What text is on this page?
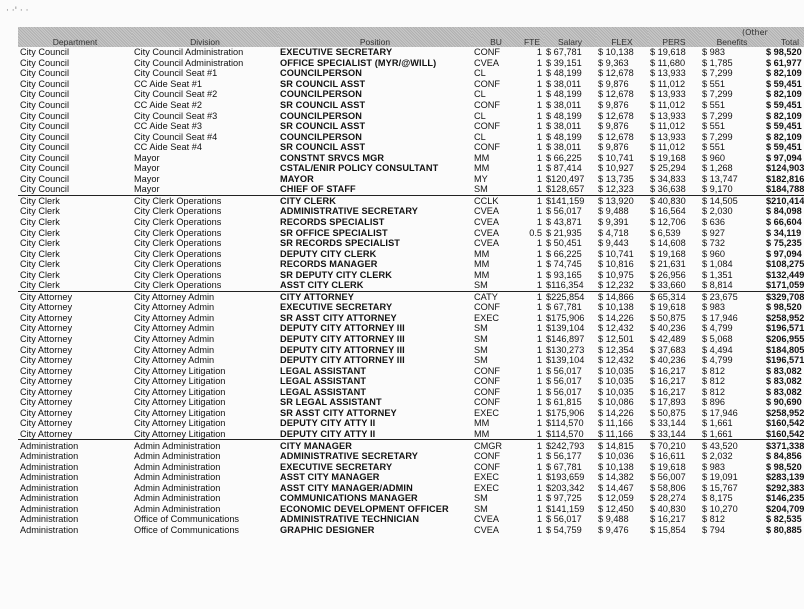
· ·' · ·
(Other
Department	Division	Position	BU	FTE	Salary	FLEX	PERS	Benefits	Total
City Council	City Council Administration	EXECUTIVE SECRETARY	CONF	1	$ 67,781	$ 10,138	$ 19,618	$ 983	$ 98,520
City Council	City Council Administration	OFFICE SPECIALIST (MYR/@WILL)	CVEA	1	$ 39,151	$ 9,363	$ 11,680	$ 1,785	$ 61,977
City Council	City Council Seat #1	COUNCILPERSON	CL	1	$ 48,199	$ 12,678	$ 13,933	$ 7,299	$ 82,109
City Council	CC Aide Seat #1	SR COUNCIL ASST	CONF	1	$ 38,011	$ 9,876	$ 11,012	$ 551	$ 59,451
City Council	City Council Seat #2	COUNCILPERSON	CL	1	$ 48,199	$ 12,678	$ 13,933	$ 7,299	$ 82,109
City Council	CC Aide Seat #2	SR COUNCIL ASST	CONF	1	$ 38,011	$ 9,876	$ 11,012	$ 551	$ 59,451
City Council	City Council Seat #3	COUNCILPERSON	CL	1	$ 48,199	$ 12,678	$ 13,933	$ 7,299	$ 82,109
City Council	CC Aide Seat #3	SR COUNCIL ASST	CONF	1	$ 38,011	$ 9,876	$ 11,012	$ 551	$ 59,451
City Council	City Council Seat #4	COUNCILPERSON	CL	1	$ 48,199	$ 12,678	$ 13,933	$ 7,299	$ 82,109
City Council	CC Aide Seat #4	SR COUNCIL ASST	CONF	1	$ 38,011	$ 9,876	$ 11,012	$ 551	$ 59,451
City Council	Mayor	CONSTNT SRVCS MGR	MM	1	$ 66,225	$ 10,741	$ 19,168	$ 960	$ 97,094
City Council	Mayor	CSTAL/ENIR POLICY CONSULTANT	MM	1	$ 87,414	$ 10,927	$ 25,294	$ 1,268	$124,903
City Council	Mayor	MAYOR	MY	1	$120,497	$ 13,735	$ 34,833	$ 13,747	$182,816
City Council	Mayor	CHIEF OF STAFF	SM	1	$128,657	$ 12,323	$ 36,638	$ 9,170	$184,788
City Clerk	City Clerk Operations	CITY CLERK	CCLK	1	$141,159	$ 13,920	$ 40,830	$ 14,505	$210,414
City Clerk	City Clerk Operations	ADMINISTRATIVE SECRETARY	CVEA	1	$ 56,017	$ 9,488	$ 16,564	$ 2,030	$ 84,098
City Clerk	City Clerk Operations	RECORDS SPECIALIST	CVEA	1	$ 43,871	$ 9,391	$ 12,706	$ 636	$ 66,604
City Clerk	City Clerk Operations	SR OFFICE SPECIALIST	CVEA	0.5	$ 21,935	$ 4,718	$ 6,539	$ 927	$ 34,119
City Clerk	City Clerk Operations	SR RECORDS SPECIALIST	CVEA	1	$ 50,451	$ 9,443	$ 14,608	$ 732	$ 75,235
City Clerk	City Clerk Operations	DEPUTY CITY CLERK	MM	1	$ 66,225	$ 10,741	$ 19,168	$ 960	$ 97,094
City Clerk	City Clerk Operations	RECORDS MANAGER	MM	1	$ 74,745	$ 10,816	$ 21,631	$ 1,084	$108,275
City Clerk	City Clerk Operations	SR DEPUTY CITY CLERK	MM	1	$ 93,165	$ 10,975	$ 26,956	$ 1,351	$132,449
City Clerk	City Clerk Operations	ASST CITY CLERK	SM	1	$116,354	$ 12,232	$ 33,660	$ 8,814	$171,059
City Attorney	City Attorney Admin	CITY ATTORNEY	CATY	1	$225,854	$ 14,866	$ 65,314	$ 23,675	$329,708
City Attorney	City Attorney Admin	EXECUTIVE SECRETARY	CONF	1	$ 67,781	$ 10,138	$ 19,618	$ 983	$ 98,520
City Attorney	City Attorney Admin	SR ASST CITY ATTORNEY	EXEC	1	$175,906	$ 14,226	$ 50,875	$ 17,946	$258,952
City Attorney	City Attorney Admin	DEPUTY CITY ATTORNEY III	SM	1	$139,104	$ 12,432	$ 40,236	$ 4,799	$196,571
City Attorney	City Attorney Admin	DEPUTY CITY ATTORNEY III	SM	1	$146,897	$ 12,501	$ 42,489	$ 5,068	$206,955
City Attorney	City Attorney Admin	DEPUTY CITY ATTORNEY III	SM	1	$130,273	$ 12,354	$ 37,683	$ 4,494	$184,805
City Attorney	City Attorney Admin	DEPUTY CITY ATTORNEY III	SM	1	$139,104	$ 12,432	$ 40,236	$ 4,799	$196,571
City Attorney	City Attorney Litigation	LEGAL ASSISTANT	CONF	1	$ 56,017	$ 10,035	$ 16,217	$ 812	$ 83,082
City Attorney	City Attorney Litigation	LEGAL ASSISTANT	CONF	1	$ 56,017	$ 10,035	$ 16,217	$ 812	$ 83,082
City Attorney	City Attorney Litigation	LEGAL ASSISTANT	CONF	1	$ 56,017	$ 10,035	$ 16,217	$ 812	$ 83,082
City Attorney	City Attorney Litigation	SR LEGAL ASSISTANT	CONF	1	$ 61,815	$ 10,086	$ 17,893	$ 896	$ 90,690
City Attorney	City Attorney Litigation	SR ASST CITY ATTORNEY	EXEC	1	$175,906	$ 14,226	$ 50,875	$ 17,946	$258,952
City Attorney	City Attorney Litigation	DEPUTY CITY ATTY II	MM	1	$114,570	$ 11,166	$ 33,144	$ 1,661	$160,542
City Attorney	City Attorney Litigation	DEPUTY CITY ATTY II	MM	1	$114,570	$ 11,166	$ 33,144	$ 1,661	$160,542
Administration	Admin Administration	CITY MANAGER	CMGR	1	$242,793	$ 14,815	$ 70,210	$ 43,520	$371,338
Administration	Admin Administration	ADMINISTRATIVE SECRETARY	CONF	1	$ 56,177	$ 10,036	$ 16,611	$ 2,032	$ 84,856
Administration	Admin Administration	EXECUTIVE SECRETARY	CONF	1	$ 67,781	$ 10,138	$ 19,618	$ 983	$ 98,520
Administration	Admin Administration	ASST CITY MANAGER	EXEC	1	$193,659	$ 14,382	$ 56,007	$ 19,091	$283,139
Administration	Admin Administration	ASST CITY MANAGER/ADMIN	EXEC	1	$203,342	$ 14,467	$ 58,806	$ 15,767	$292,383
Administration	Admin Administration	COMMUNICATIONS MANAGER	SM	1	$ 97,725	$ 12,059	$ 28,274	$ 8,175	$146,235
Administration	Admin Administration	ECONOMIC DEVELOPMENT OFFICER	SM	1	$141,159	$ 12,450	$ 40,830	$ 10,270	$204,709
Administration	Office of Communications	ADMINISTRATIVE TECHNICIAN	CVEA	1	$ 56,017	$ 9,488	$ 16,217	$ 812	$ 82,535
Administration	Office of Communications	GRAPHIC DESIGNER	CVEA	1	$ 54,759	$ 9,476	$ 15,854	$ 794	$ 80,885
